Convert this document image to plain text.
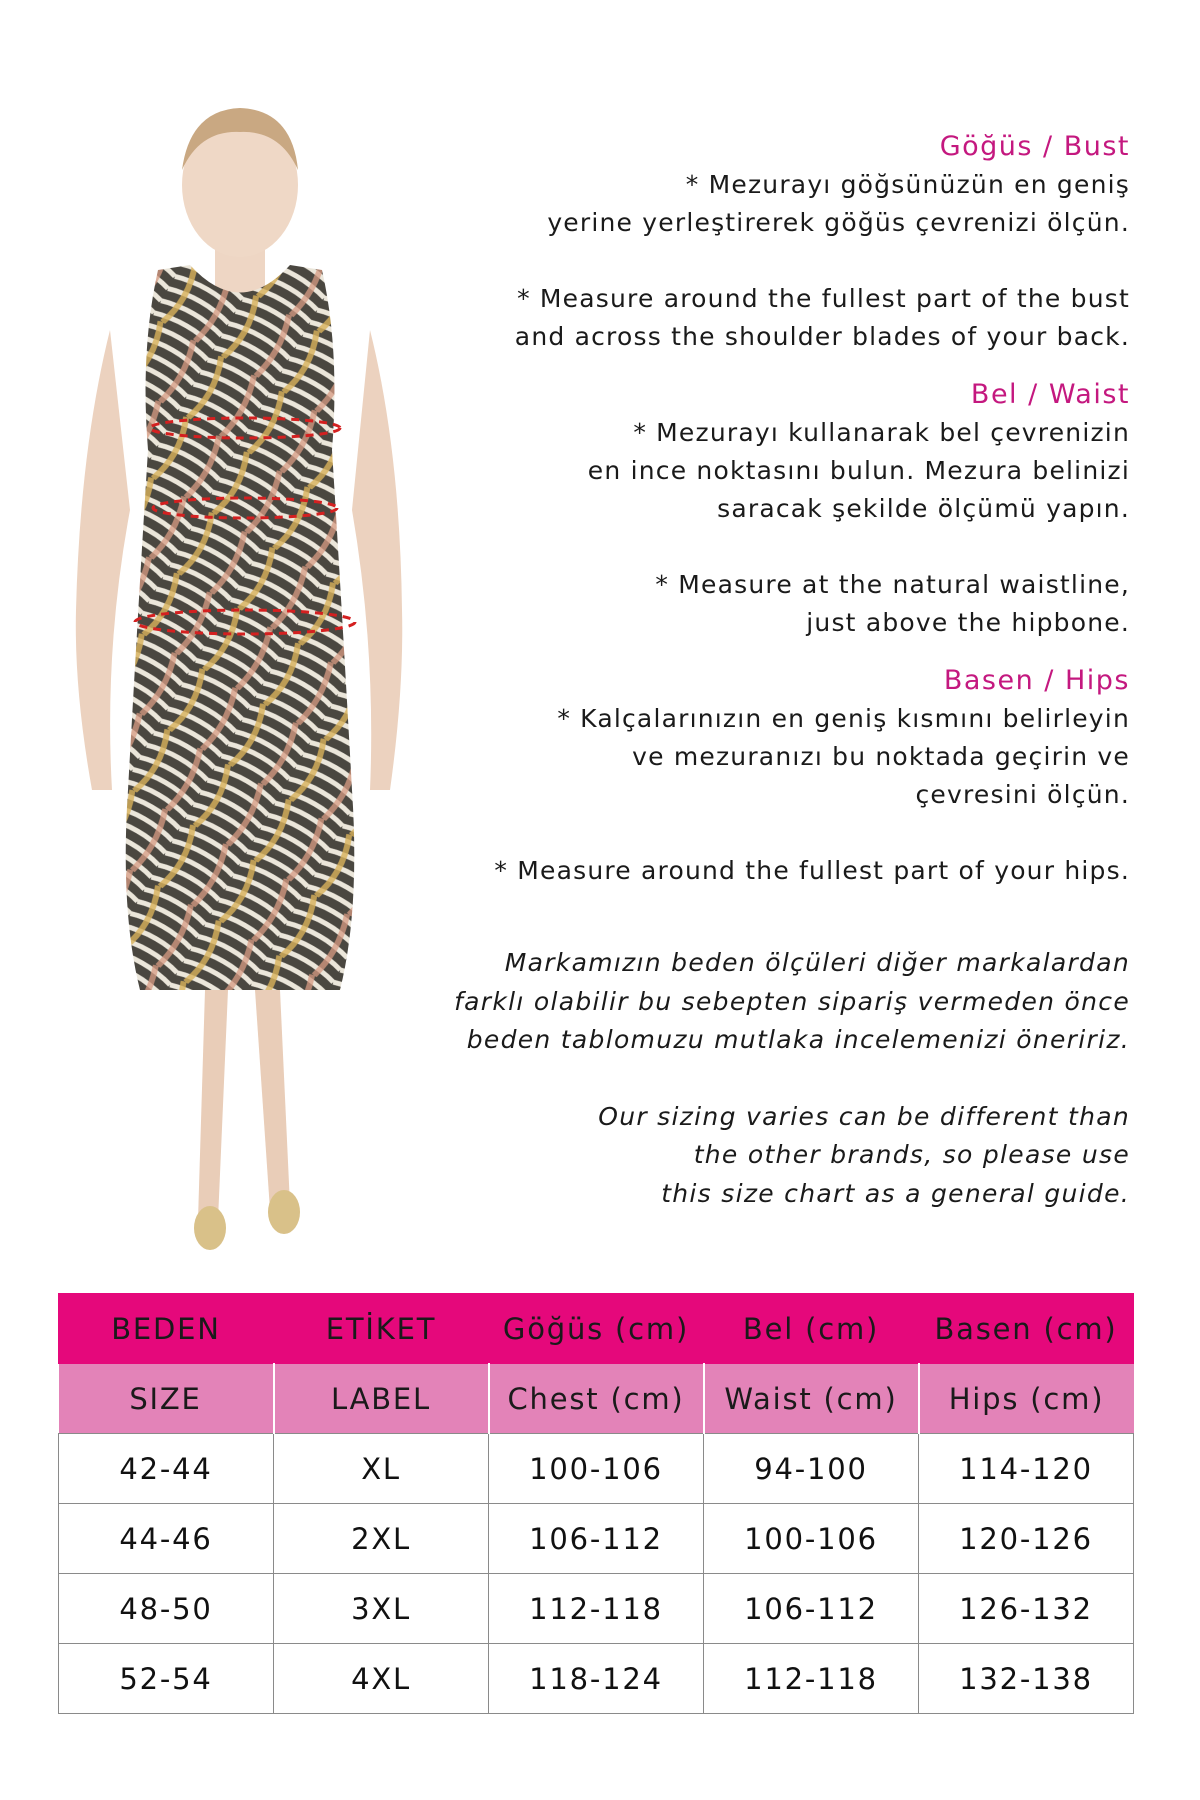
Göğüs / Bust

* Mezurayı göğsünüzün en geniş

yerine yerleştirerek göğüs çevrenizi ölçün.

* Measure around the fullest part of the bust

and across the shoulder blades of your back.

Bel / Waist

* Mezurayı kullanarak bel çevrenizin

en ince noktasını bulun. Mezura belinizi

saracak şekilde ölçümü yapın.

* Measure at the natural waistline,

just above the hipbone.

Basen / Hips

* Kalçalarınızın en geniş kısmını belirleyin

ve mezuranızı bu noktada geçirin ve

çevresini ölçün.

* Measure around the fullest part of your hips.

Markamızın beden ölçüleri diğer markalardan

farklı olabilir bu sebepten sipariş vermeden önce

beden tablomuzu mutlaka incelemenizi öneririz.

Our sizing varies can be different than

the other brands, so please use

this size chart as a general guide.

BEDEN	ETİKET	Göğüs (cm)	Bel (cm)	Basen (cm)
SIZE	LABEL	Chest (cm)	Waist (cm)	Hips (cm)
42-44	XL	100-106	94-100	114-120
44-46	2XL	106-112	100-106	120-126
48-50	3XL	112-118	106-112	126-132
52-54	4XL	118-124	112-118	132-138
